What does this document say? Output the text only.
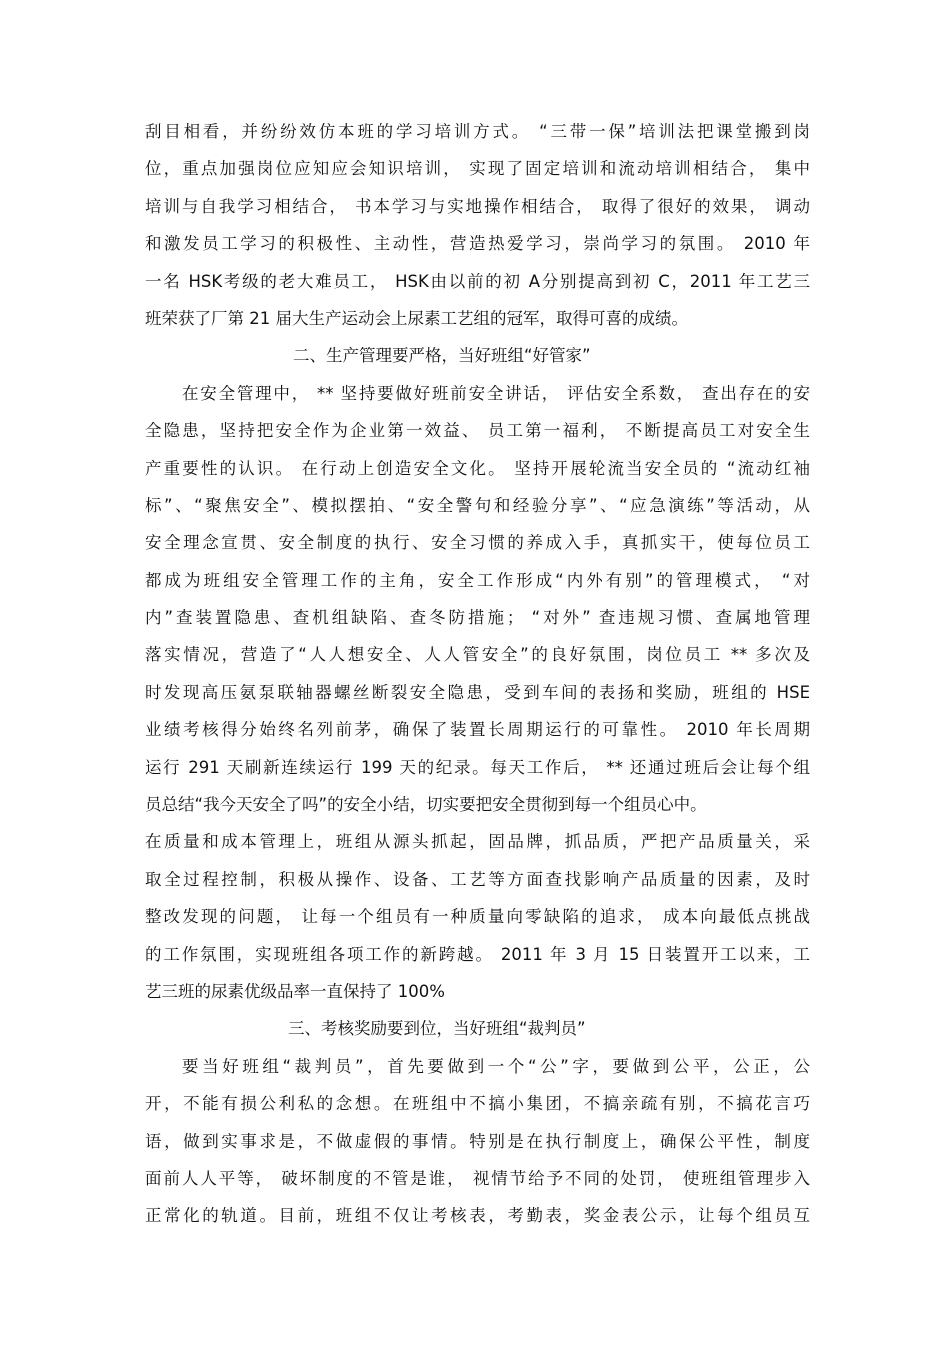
刮目相看，并纷纷效仿本班的学习培训方式。 “三带一保”培训法把课堂搬到岗
位，重点加强岗位应知应会知识培训， 实现了固定培训和流动培训相结合， 集中
培训与自我学习相结合， 书本学习与实地操作相结合， 取得了很好的效果， 调动
和激发员工学习的积极性、主动性，营造热爱学习，崇尚学习的氛围。 2010 年
一名 HSK考级的老大难员工， HSK由以前的初 A分别提高到初 C，2011 年工艺三
班荣获了厂第 21 届大生产运动会上尿素工艺组的冠军，取得可喜的成绩。
二、生产管理要严格，当好班组“好管家”
在安全管理中， ** 坚持要做好班前安全讲话， 评估安全系数， 查出存在的安
全隐患，坚持把安全作为企业第一效益、 员工第一福利， 不断提高员工对安全生
产重要性的认识。 在行动上创造安全文化。 坚持开展轮流当安全员的 “流动红袖
标”、“聚焦安全”、模拟摆拍、“安全警句和经验分享”、“应急演练”等活动，从
安全理念宣贯、安全制度的执行、安全习惯的养成入手，真抓实干，使每位员工
都成为班组安全管理工作的主角，安全工作形成“内外有别”的管理模式， “对
内”查装置隐患、查机组缺陷、查冬防措施； “对外” 查违规习惯、查属地管理
落实情况，营造了“人人想安全、人人管安全”的良好氛围，岗位员工 ** 多次及
时发现高压氨泵联轴器螺丝断裂安全隐患，受到车间的表扬和奖励，班组的 HSE
业绩考核得分始终名列前茅，确保了装置长周期运行的可靠性。 2010 年长周期
运行 291 天刷新连续运行 199 天的纪录。每天工作后， ** 还通过班后会让每个组
员总结“我今天安全了吗”的安全小结，切实要把安全贯彻到每一个组员心中。
在质量和成本管理上，班组从源头抓起，固品牌，抓品质，严把产品质量关，采
取全过程控制，积极从操作、设备、工艺等方面查找影响产品质量的因素，及时
整改发现的问题， 让每一个组员有一种质量向零缺陷的追求， 成本向最低点挑战
的工作氛围，实现班组各项工作的新跨越。 2011 年 3 月 15 日装置开工以来，工
艺三班的尿素优级品率一直保持了 100%
三、考核奖励要到位，当好班组“裁判员”
要当好班组“裁判员”，首先要做到一个“公”字，要做到公平，公正，公
开，不能有损公利私的念想。在班组中不搞小集团，不搞亲疏有别，不搞花言巧
语，做到实事求是，不做虚假的事情。特别是在执行制度上，确保公平性，制度
面前人人平等， 破坏制度的不管是谁， 视情节给予不同的处罚， 使班组管理步入
正常化的轨道。目前，班组不仅让考核表，考勤表，奖金表公示，让每个组员互
